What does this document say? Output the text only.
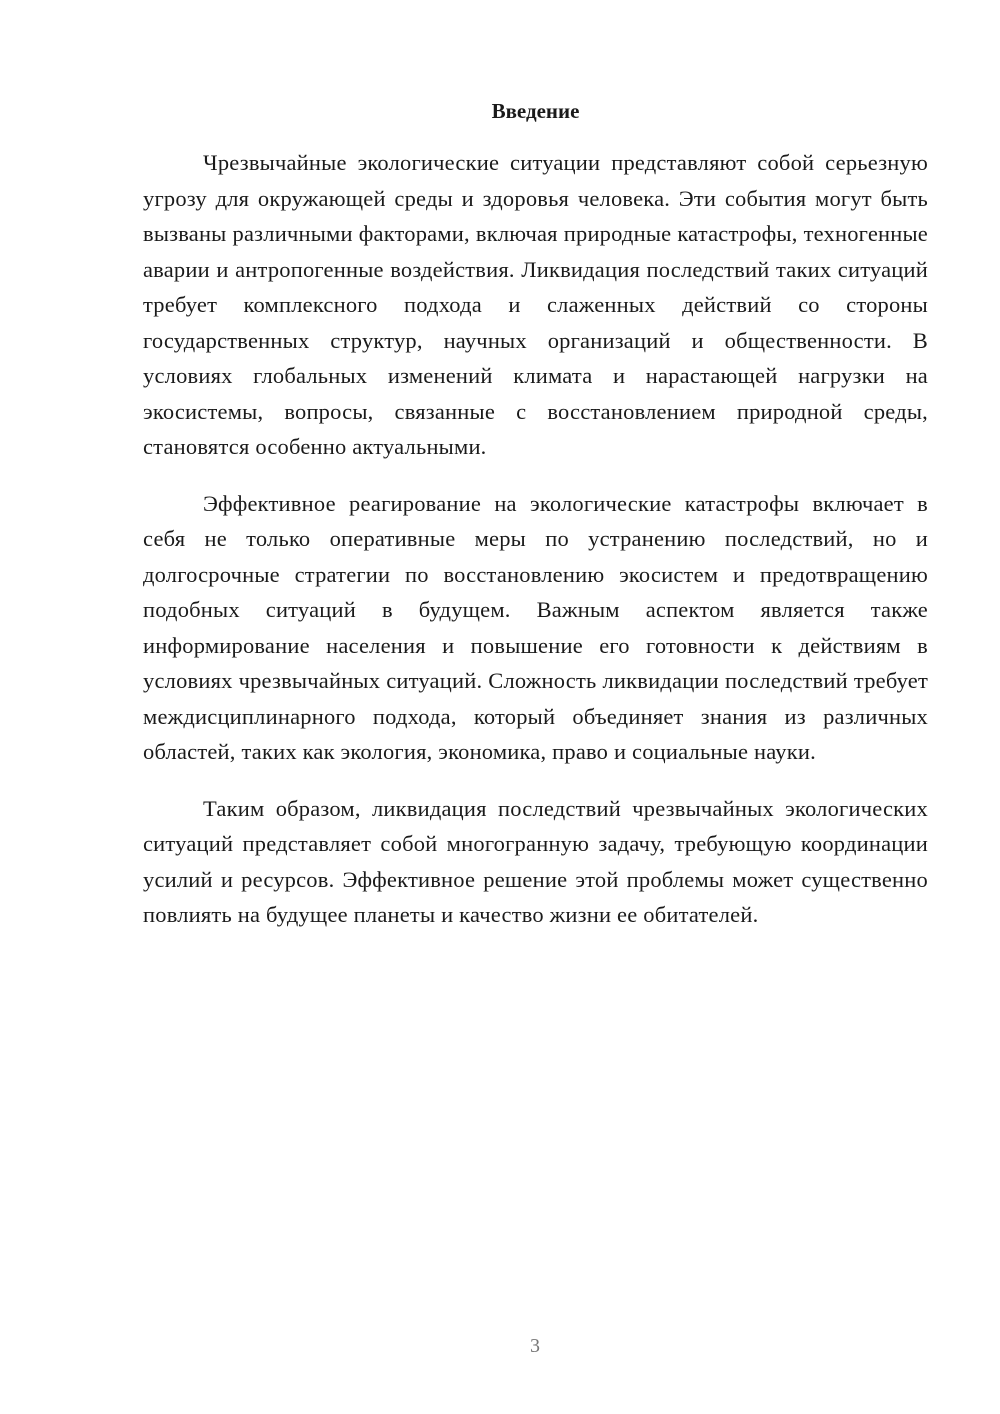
Введение

Чрезвычайные экологические ситуации представляют собой серьезную угрозу для окружающей среды и здоровья человека. Эти события могут быть вызваны различными факторами, включая природные катастрофы, техногенные аварии и антропогенные воздействия. Ликвидация последствий таких ситуаций требует комплексного подхода и слаженных действий со стороны государственных структур, научных организаций и общественности. В условиях глобальных изменений климата и нарастающей нагрузки на экосистемы, вопросы, связанные с восстановлением природной среды, становятся особенно актуальными.

Эффективное реагирование на экологические катастрофы включает в себя не только оперативные меры по устранению последствий, но и долгосрочные стратегии по восстановлению экосистем и предотвращению подобных ситуаций в будущем. Важным аспектом является также информирование населения и повышение его готовности к действиям в условиях чрезвычайных ситуаций. Сложность ликвидации последствий требует междисциплинарного подхода, который объединяет знания из различных областей, таких как экология, экономика, право и социальные науки.

Таким образом, ликвидация последствий чрезвычайных экологических ситуаций представляет собой многогранную задачу, требующую координации усилий и ресурсов. Эффективное решение этой проблемы может существенно повлиять на будущее планеты и качество жизни ее обитателей.

3
